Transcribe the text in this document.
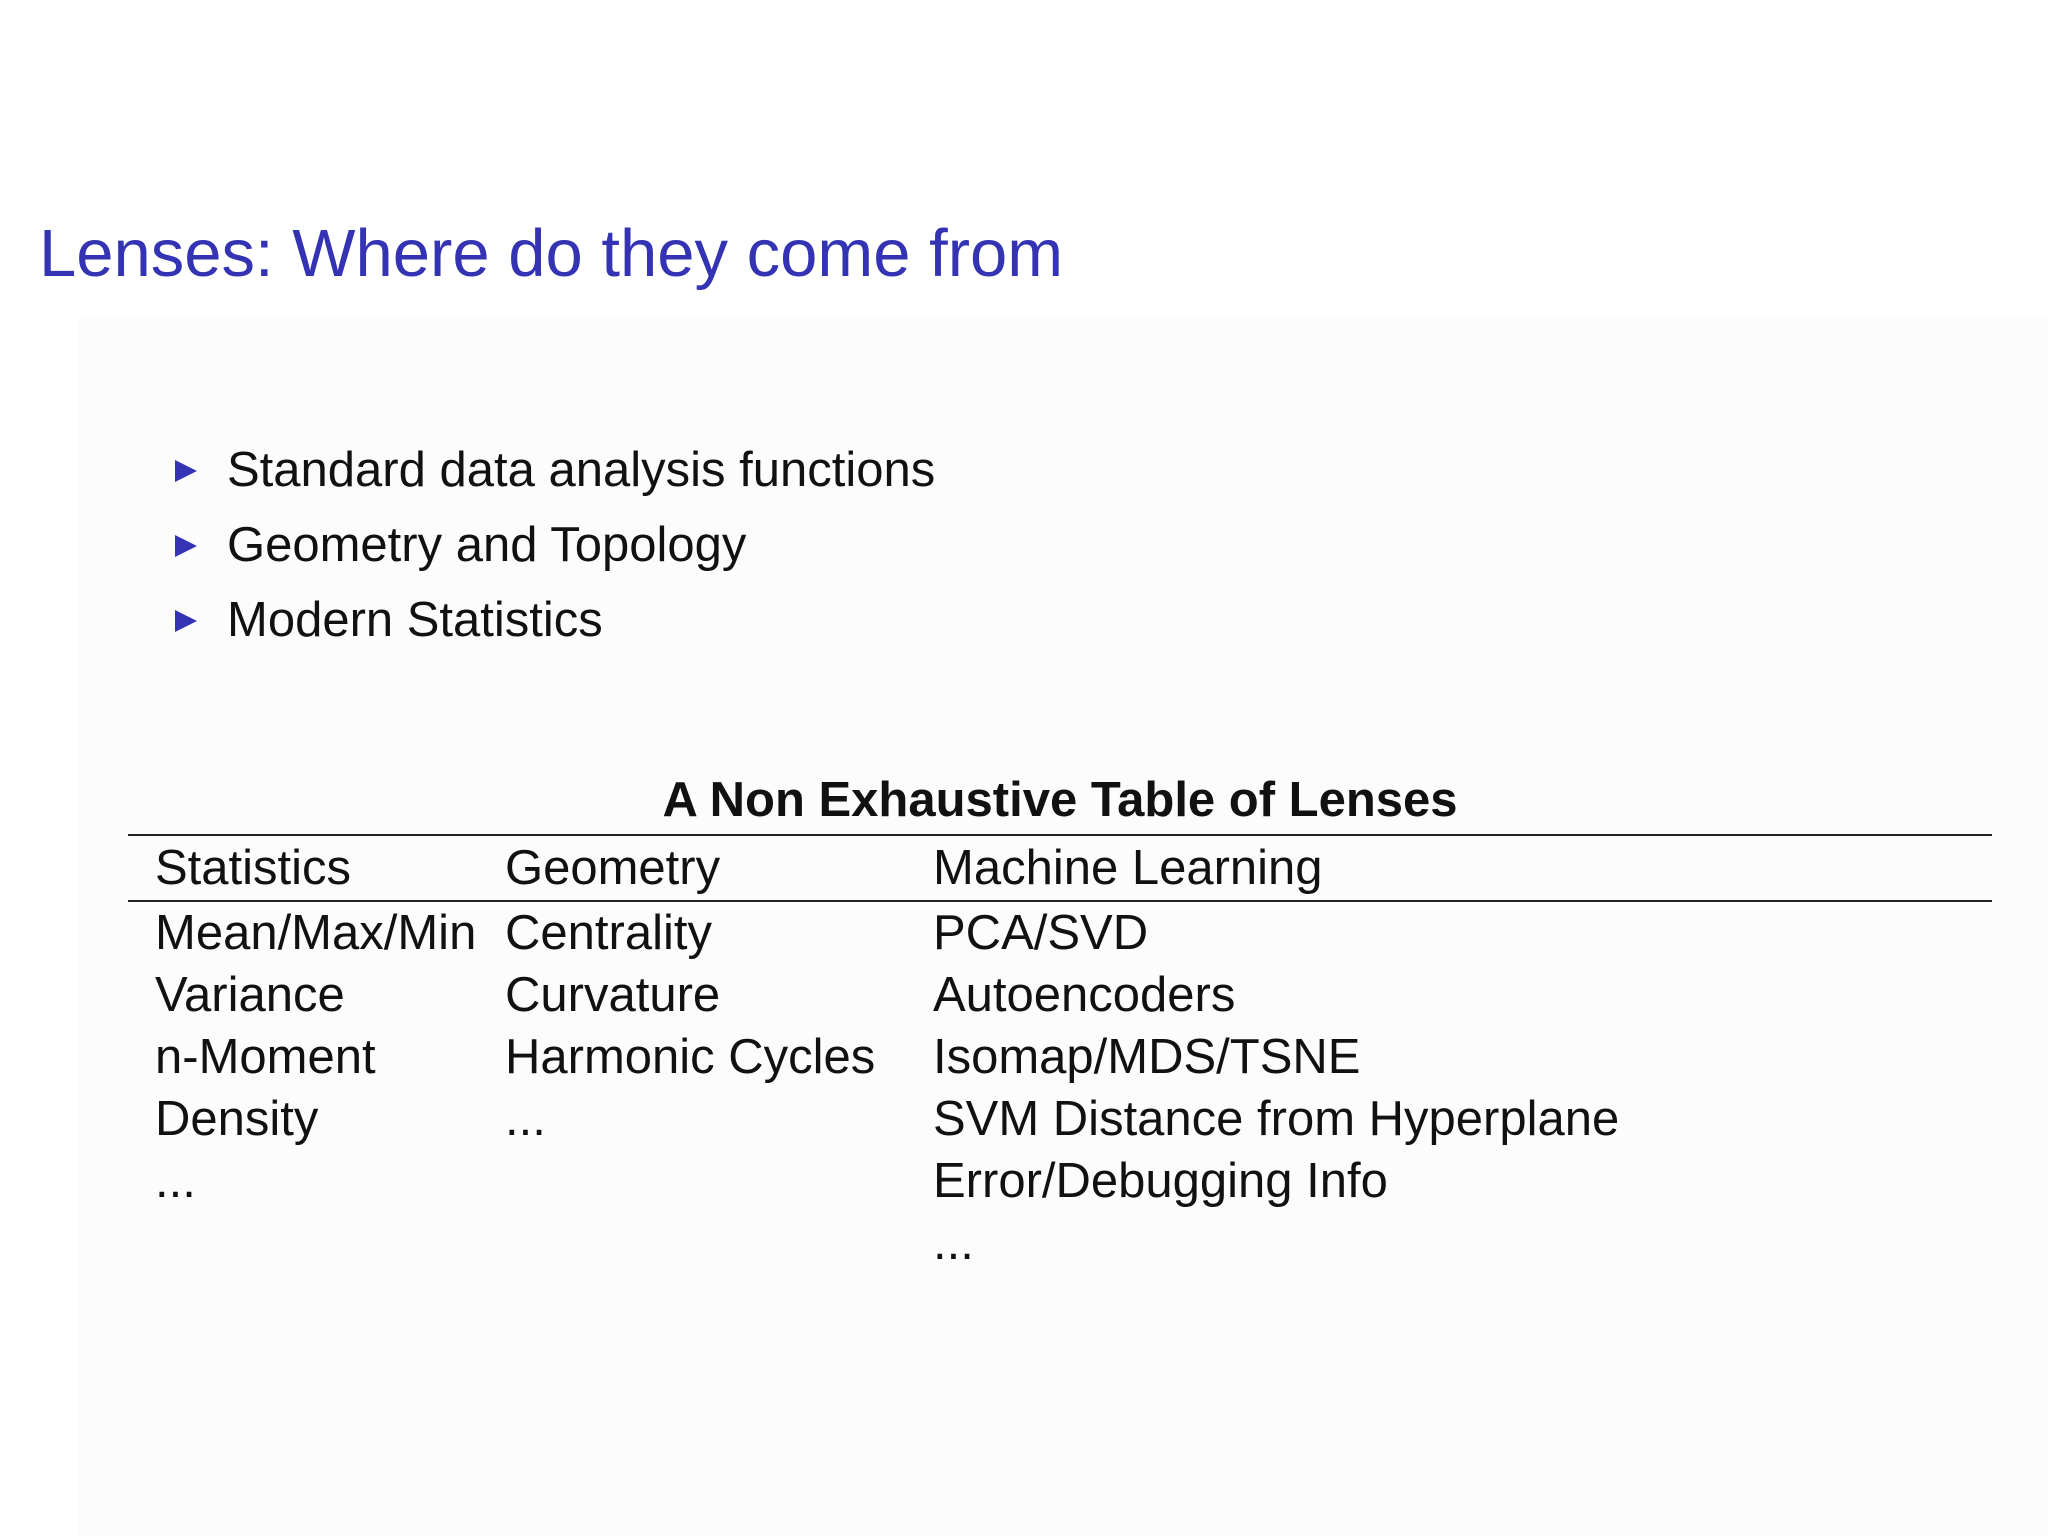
Lenses: Where do they come from
Standard data analysis functions
Geometry and Topology
Modern Statistics
A Non Exhaustive Table of Lenses
Statistics	Geometry	Machine Learning
Mean/Max/Min	Centrality	PCA/SVD
Variance	Curvature	Autoencoders
n-Moment	Harmonic Cycles	Isomap/MDS/TSNE
Density	...	SVM Distance from Hyperplane
...		Error/Debugging Info
		...
